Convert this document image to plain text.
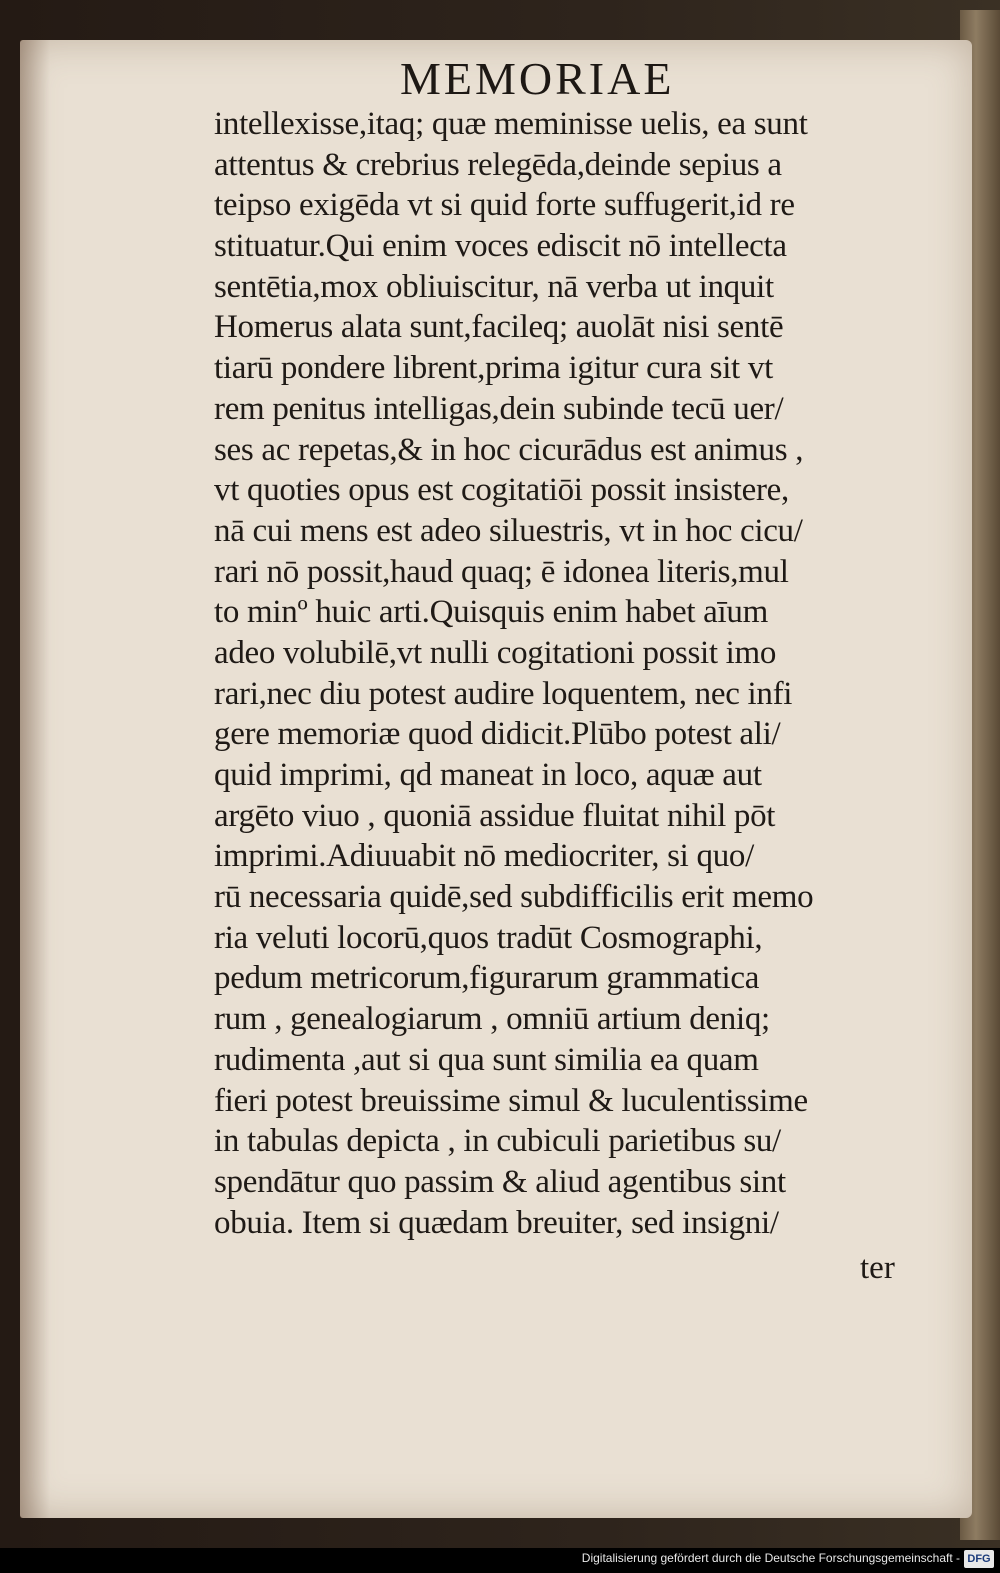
MEMORIAE
intellexisse,itaq; quæ meminisse uelis, ea sunt
attentus & crebrius relegēda,deinde sepius a
teipso exigēda vt si quid forte suffugerit,id re
stituatur.Qui enim voces ediscit nō intellecta
sentētia,mox obliuiscitur, nā verba ut inquit
Homerus alata sunt,facileq; auolāt nisi sentē
tiarū pondere librent,prima igitur cura sit vt
rem penitus intelligas,dein subinde tecū uer/
ses ac repetas,& in hoc cicurādus est animus ,
vt quoties opus est cogitatiōi possit insistere,
nā cui mens est adeo siluestris, vt in hoc cicu/
rari nō possit,haud quaq; ē idonea literis,mul
to minº huic arti.Quisquis enim habet aīum
adeo volubilē,vt nulli cogitationi possit imo
rari,nec diu potest audire loquentem, nec infi
gere memoriæ quod didicit.Plūbo potest ali/
quid imprimi, qd maneat in loco, aquæ aut
argēto viuo , quoniā assidue fluitat nihil pōt
imprimi.Adiuuabit nō mediocriter, si quo/
rū necessaria quidē,sed subdifficilis erit memo
ria veluti locorū,quos tradūt Cosmographi,
pedum metricorum,figurarum grammatica
rum , genealogiarum , omniū artium deniq;
rudimenta ,aut si qua sunt similia ea quam
fieri potest breuissime simul & luculentissime
in tabulas depicta , in cubiculi parietibus su/
spendātur quo passim & aliud agentibus sint
obuia. Item si quædam breuiter, sed insigni/
ter
Digitalisierung gefördert durch die Deutsche Forschungsgemeinschaft - DFG
